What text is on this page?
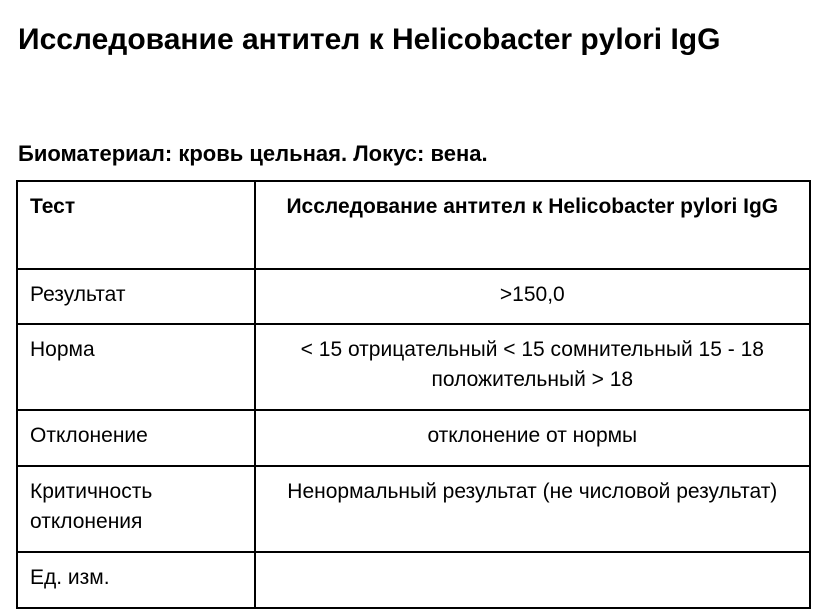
Исследование антител к Helicobacter pylori IgG

Биоматериал: кровь цельная. Локус: вена.

Тест	Исследование антител к Helicobacter pylori IgG
Результат	>150,0
Норма	< 15 отрицательный < 15 сомнительный 15 - 18 положительный > 18
Отклонение	отклонение от нормы
Критичность отклонения	Ненормальный результат (не числовой результат)
Ед. изм.	
